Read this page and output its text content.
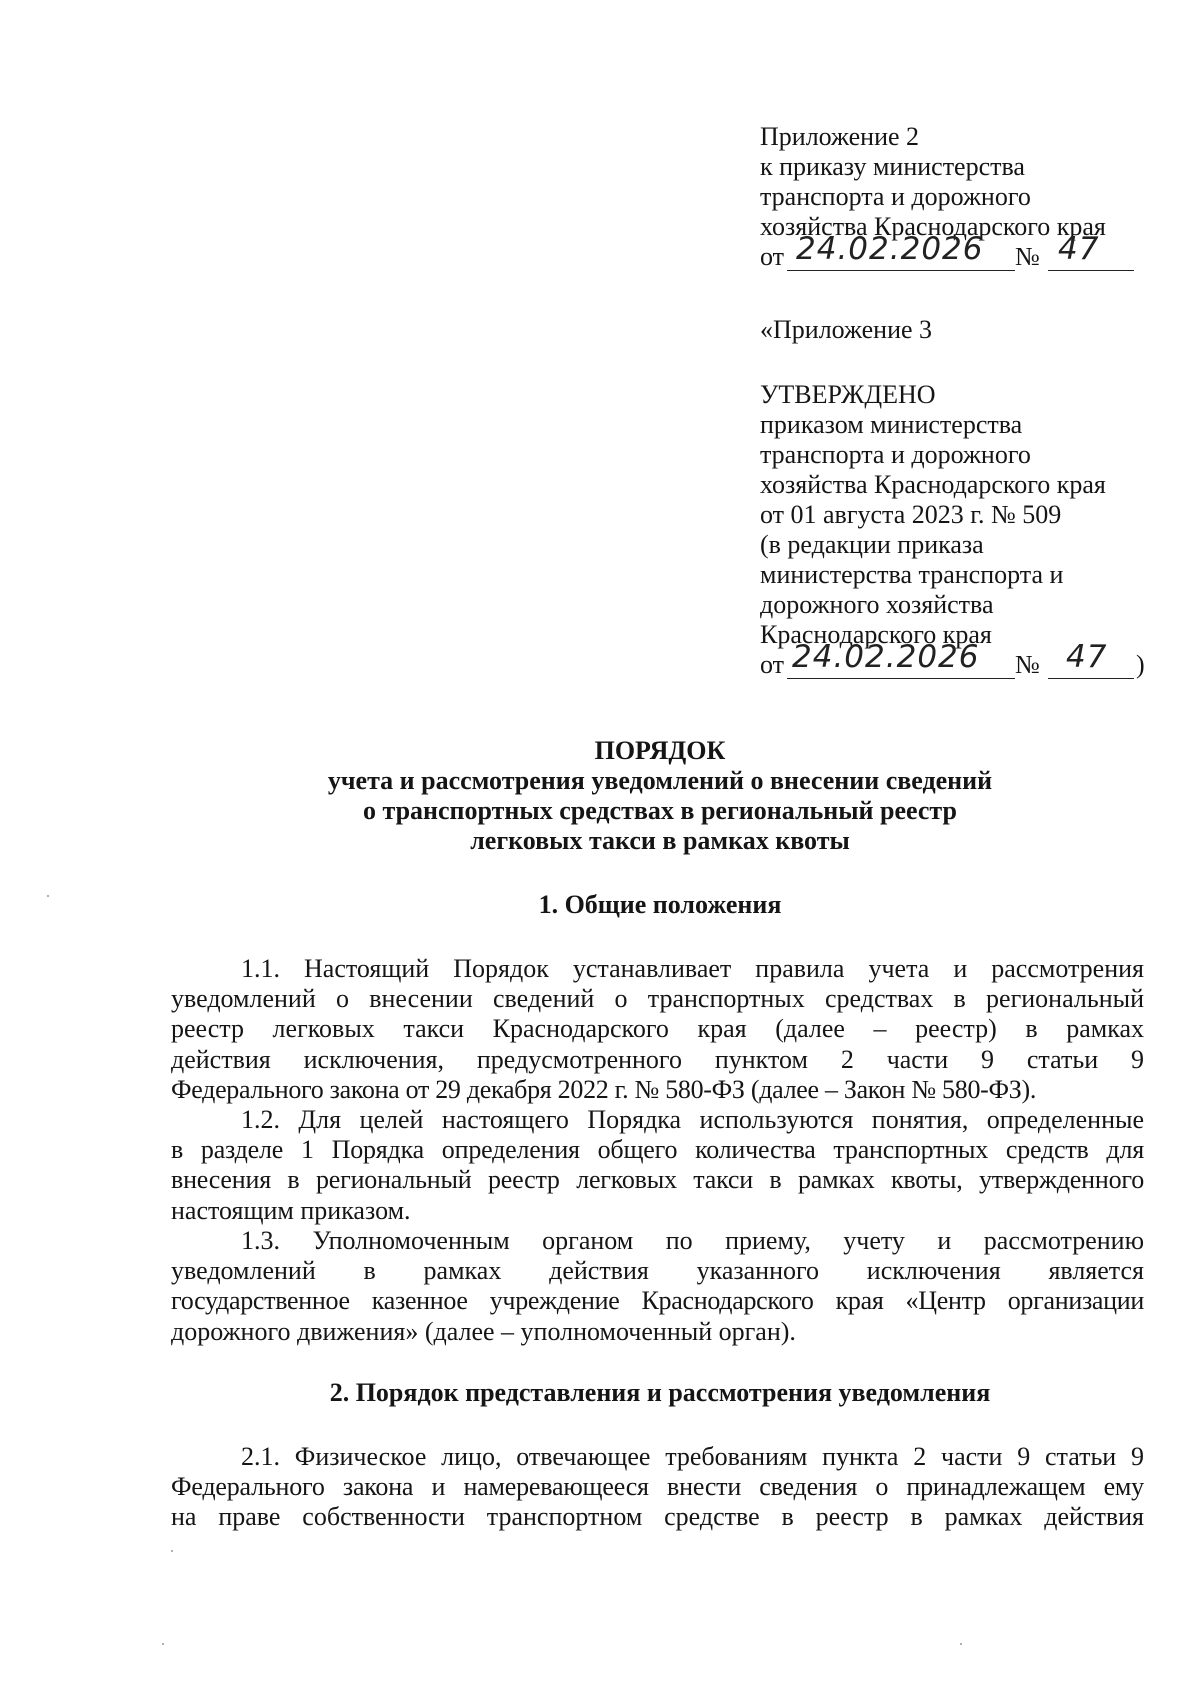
Приложение 2
к приказу министерства
транспорта и дорожного
хозяйства Краснодарского края
от 24.02.2026 № 47
«Приложение 3
УТВЕРЖДЕНО
приказом министерства
транспорта и дорожного
хозяйства Краснодарского края
от 01 августа 2023 г. № 509
(в редакции приказа
министерства транспорта и
дорожного хозяйства
Краснодарского края
от 24.02.2026 № 47 )
ПОРЯДОК
учета и рассмотрения уведомлений о внесении сведений
о транспортных средствах в региональный реестр
легковых такси в рамках квоты
1. Общие положения
1.1. Настоящий Порядок устанавливает правила учета и рассмотрения
уведомлений о внесении сведений о транспортных средствах в региональный
реестр легковых такси Краснодарского края (далее – реестр) в рамках
действия исключения, предусмотренного пунктом 2 части 9 статьи 9
Федерального закона от 29 декабря 2022 г. № 580-ФЗ (далее – Закон № 580-ФЗ).
1.2. Для целей настоящего Порядка используются понятия, определенные
в разделе 1 Порядка определения общего количества транспортных средств для
внесения в региональный реестр легковых такси в рамках квоты, утвержденного
настоящим приказом.
1.3. Уполномоченным органом по приему, учету и рассмотрению
уведомлений в рамках действия указанного исключения является
государственное казенное учреждение Краснодарского края «Центр организации
дорожного движения» (далее – уполномоченный орган).
2. Порядок представления и рассмотрения уведомления
2.1. Физическое лицо, отвечающее требованиям пункта 2 части 9 статьи 9
Федерального закона и намеревающееся внести сведения о принадлежащем ему
на праве собственности транспортном средстве в реестр в рамках действия
